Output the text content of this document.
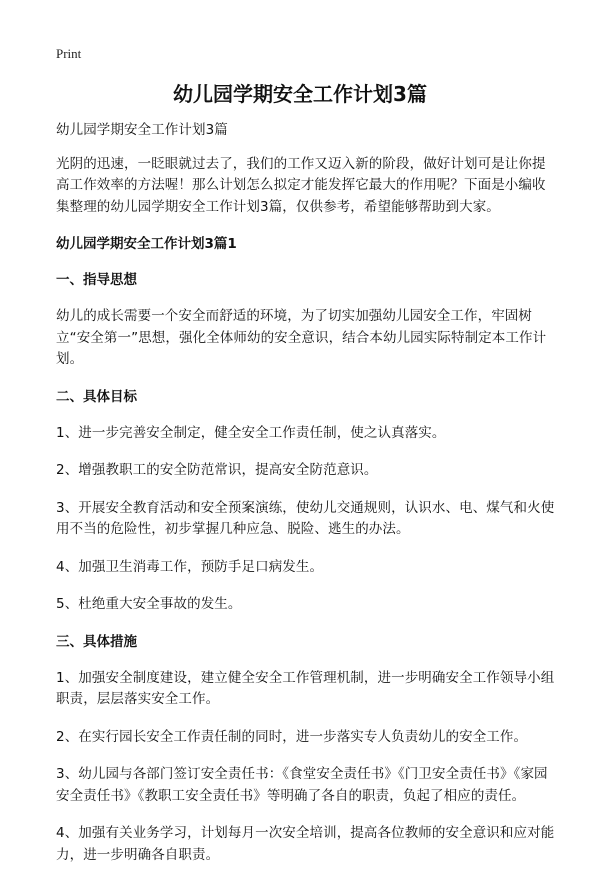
Print
幼儿园学期安全工作计划3篇

幼儿园学期安全工作计划3篇

光阴的迅速，一眨眼就过去了，我们的工作又迈入新的阶段，做好计划可是让你提高工作效率的方法喔！那么计划怎么拟定才能发挥它最大的作用呢？下面是小编收集整理的幼儿园学期安全工作计划3篇，仅供参考，希望能够帮助到大家。

幼儿园学期安全工作计划3篇1
一、指导思想

幼儿的成长需要一个安全而舒适的环境，为了切实加强幼儿园安全工作，牢固树立“安全第一”思想，强化全体师幼的安全意识，结合本幼儿园实际特制定本工作计划。

二、具体目标

1、进一步完善安全制定，健全安全工作责任制，使之认真落实。

2、增强教职工的安全防范常识，提高安全防范意识。

3、开展安全教育活动和安全预案演练，使幼儿交通规则，认识水、电、煤气和火使用不当的危险性，初步掌握几种应急、脱险、逃生的办法。

4、加强卫生消毒工作，预防手足口病发生。

5、杜绝重大安全事故的发生。

三、具体措施

1、加强安全制度建设，建立健全安全工作管理机制，进一步明确安全工作领导小组职责，层层落实安全工作。

2、在实行园长安全工作责任制的同时，进一步落实专人负责幼儿的安全工作。

3、幼儿园与各部门签订安全责任书：《食堂安全责任书》《门卫安全责任书》《家园安全责任书》《教职工安全责任书》等明确了各自的职责，负起了相应的责任。

4、加强有关业务学习，计划每月一次安全培训，提高各位教师的安全意识和应对能力，进一步明确各自职责。
